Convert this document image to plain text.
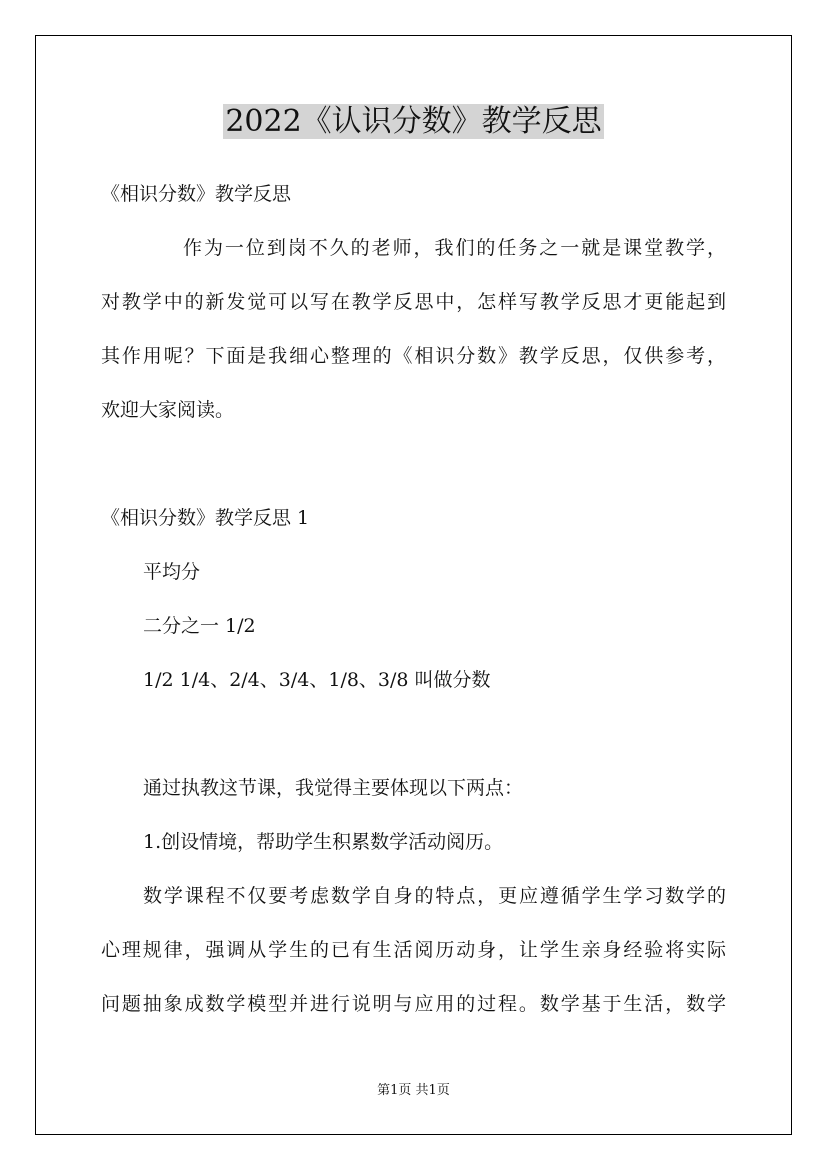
2022《认识分数》教学反思
《相识分数》教学反思
作为一位到岗不久的老师，我们的任务之一就是课堂教学，
对教学中的新发觉可以写在教学反思中，怎样写教学反思才更能起到
其作用呢？下面是我细心整理的《相识分数》教学反思，仅供参考，
欢迎大家阅读。
《相识分数》教学反思 1
平均分
二分之一 1/2
1/2 1/4、2/4、3/4、1/8、3/8 叫做分数
通过执教这节课，我觉得主要体现以下两点：
1.创设情境，帮助学生积累数学活动阅历。
数学课程不仅要考虑数学自身的特点，更应遵循学生学习数学的
心理规律，强调从学生的已有生活阅历动身，让学生亲身经验将实际
问题抽象成数学模型并进行说明与应用的过程。数学基于生活，数学
第1页 共1页
